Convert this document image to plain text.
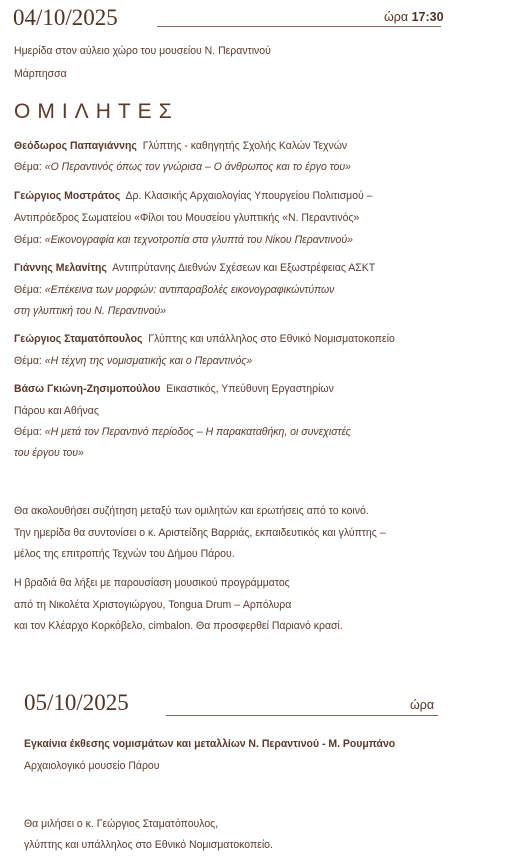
04/10/2025	ώρα 17:30
Ημερίδα στον αύλειο χώρο του μουσείου Ν. Περαντινού
Μάρπησσα
ΟΜΙΛΗΤΕΣ
Θεόδωρος Παπαγιάννης Γλύπτης - καθηγητής Σχολής Καλών Τεχνών
Θέμα: «Ο Περαντινός όπως τον γνώρισα – Ο άνθρωπος και το έργο του»
Γεώργιος Μοστράτος Δρ. Κλασικής Αρχαιολογίας Υπουργείου Πολιτισμού –
Αντιπρόεδρος Σωματείου «Φίλοι του Μουσείου γλυπτικής «Ν. Περαντινός»
Θέμα: «Εικονογραφία και τεχνοτροπία στα γλυπτά του Νίκου Περαντινού»
Γιάννης Μελανίτης Αντιπρύτανης Διεθνών Σχέσεων και Εξωστρέφειας ΑΣΚΤ
Θέμα: «Επέκεινα των μορφών: αντιπαραβολές εικονογραφικώντύπων
στη γλυπτική του Ν. Περαντινού»
Γεώργιος Σταματόπουλος Γλύπτης και υπάλληλος στο Εθνικό Νομισματοκοπείο
Θέμα: «Η τέχνη της νομισματικής και ο Περαντινός»
Βάσω Γκιώνη-Ζησιμοπούλου Εικαστικός, Υπεύθυνη Εργαστηρίων
Πάρου και Αθήνας
Θέμα: «Η μετά τον Περαντινό περίοδος – Η παρακαταθήκη, οι συνεχιστές
του έργου του»
Θα ακολουθήσει συζήτηση μεταξύ των ομιλητών και ερωτήσεις από το κοινό.
Την ημερίδα θα συντονίσει ο κ. Αριστείδης Βαρριάς, εκπαιδευτικός και γλύπτης –
μέλος της επιτροπής Τεχνών του Δήμου Πάρου.
Η βραδιά θα λήξει με παρουσίαση μουσικού προγράμματος
από τη Νικολέτα Χριστογιώργου, Tongua Drum – Αρπόλυρα
και τον Κλέαρχο Κορκόβελο, cimbalon. Θα προσφερθεί Παριανό κρασί.
05/10/2025	ώρα
Εγκαίνια έκθεσης νομισμάτων και μεταλλίων Ν. Περαντινού - Μ. Ρουμπάνο
Αρχαιολογικό μουσείο Πάρου
Θα μιλήσει ο κ. Γεώργιος Σταματόπουλος,
γλύπτης και υπάλληλος στο Εθνικό Νομισματοκοπείο.
